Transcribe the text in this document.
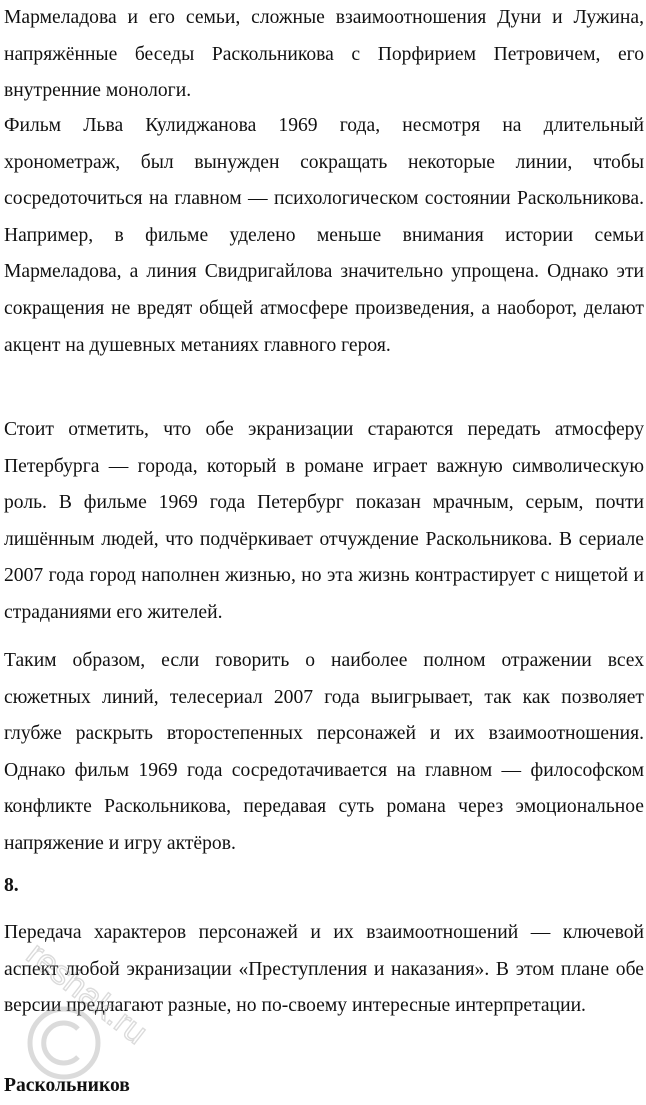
Мармеладова и его семьи, сложные взаимоотношения Дуни и Лужина, напряжённые беседы Раскольникова с Порфирием Петровичем, его внутренние монологи.

Фильм Льва Кулиджанова 1969 года, несмотря на длительный хронометраж, был вынужден сокращать некоторые линии, чтобы сосредоточиться на главном — психологическом состоянии Раскольникова. Например, в фильме уделено меньше внимания истории семьи Мармеладова, а линия Свидригайлова значительно упрощена. Однако эти сокращения не вредят общей атмосфере произведения, а наоборот, делают акцент на душевных метаниях главного героя.

Стоит отметить, что обе экранизации стараются передать атмосферу Петербурга — города, который в романе играет важную символическую роль. В фильме 1969 года Петербург показан мрачным, серым, почти лишённым людей, что подчёркивает отчуждение Раскольникова. В сериале 2007 года город наполнен жизнью, но эта жизнь контрастирует с нищетой и страданиями его жителей.

Таким образом, если говорить о наиболее полном отражении всех сюжетных линий, телесериал 2007 года выигрывает, так как позволяет глубже раскрыть второстепенных персонажей и их взаимоотношения. Однако фильм 1969 года сосредотачивается на главном — философском конфликте Раскольникова, передавая суть романа через эмоциональное напряжение и игру актёров.

8.

Передача характеров персонажей и их взаимоотношений — ключевой аспект любой экранизации «Преступления и наказания». В этом плане обе версии предлагают разные, но по-своему интересные интерпретации.

Раскольников

reshak.ru
